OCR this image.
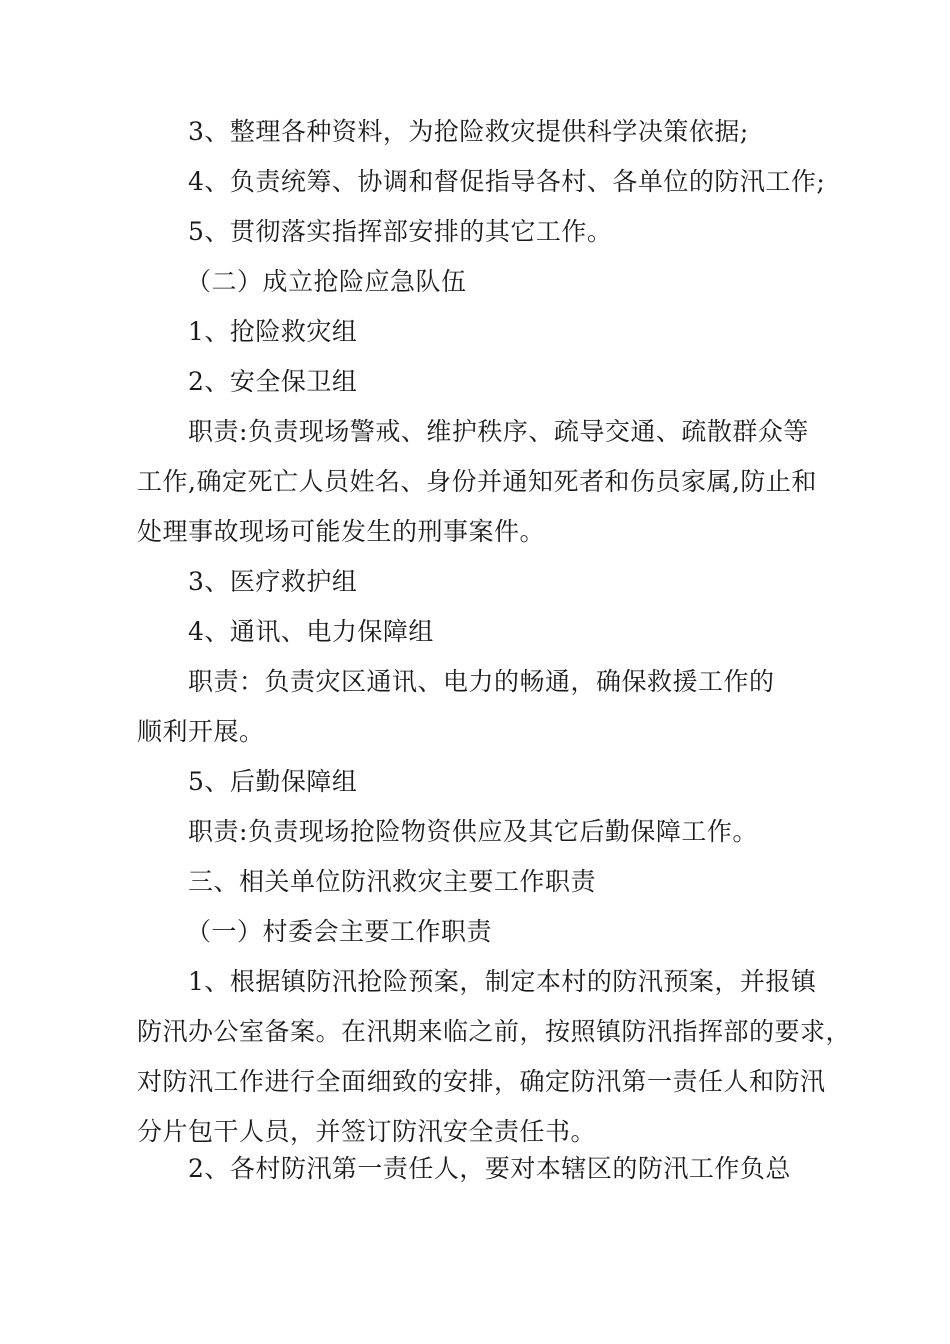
3、整理各种资料，为抢险救灾提供科学决策依据;
4、负责统筹、协调和督促指导各村、各单位的防汛工作;
5、贯彻落实指挥部安排的其它工作。
（二）成立抢险应急队伍
1、抢险救灾组
2、安全保卫组
职责:负责现场警戒、维护秩序、疏导交通、疏散群众等
工作,确定死亡人员姓名、身份并通知死者和伤员家属,防止和
处理事故现场可能发生的刑事案件。
3、医疗救护组
4、通讯、电力保障组
职责：负责灾区通讯、电力的畅通，确保救援工作的
顺利开展。
5、后勤保障组
职责:负责现场抢险物资供应及其它后勤保障工作。
三、相关单位防汛救灾主要工作职责
（一）村委会主要工作职责
1、根据镇防汛抢险预案，制定本村的防汛预案，并报镇
防汛办公室备案。在汛期来临之前，按照镇防汛指挥部的要求，
对防汛工作进行全面细致的安排，确定防汛第一责任人和防汛
分片包干人员，并签订防汛安全责任书。
2、各村防汛第一责任人，要对本辖区的防汛工作负总
